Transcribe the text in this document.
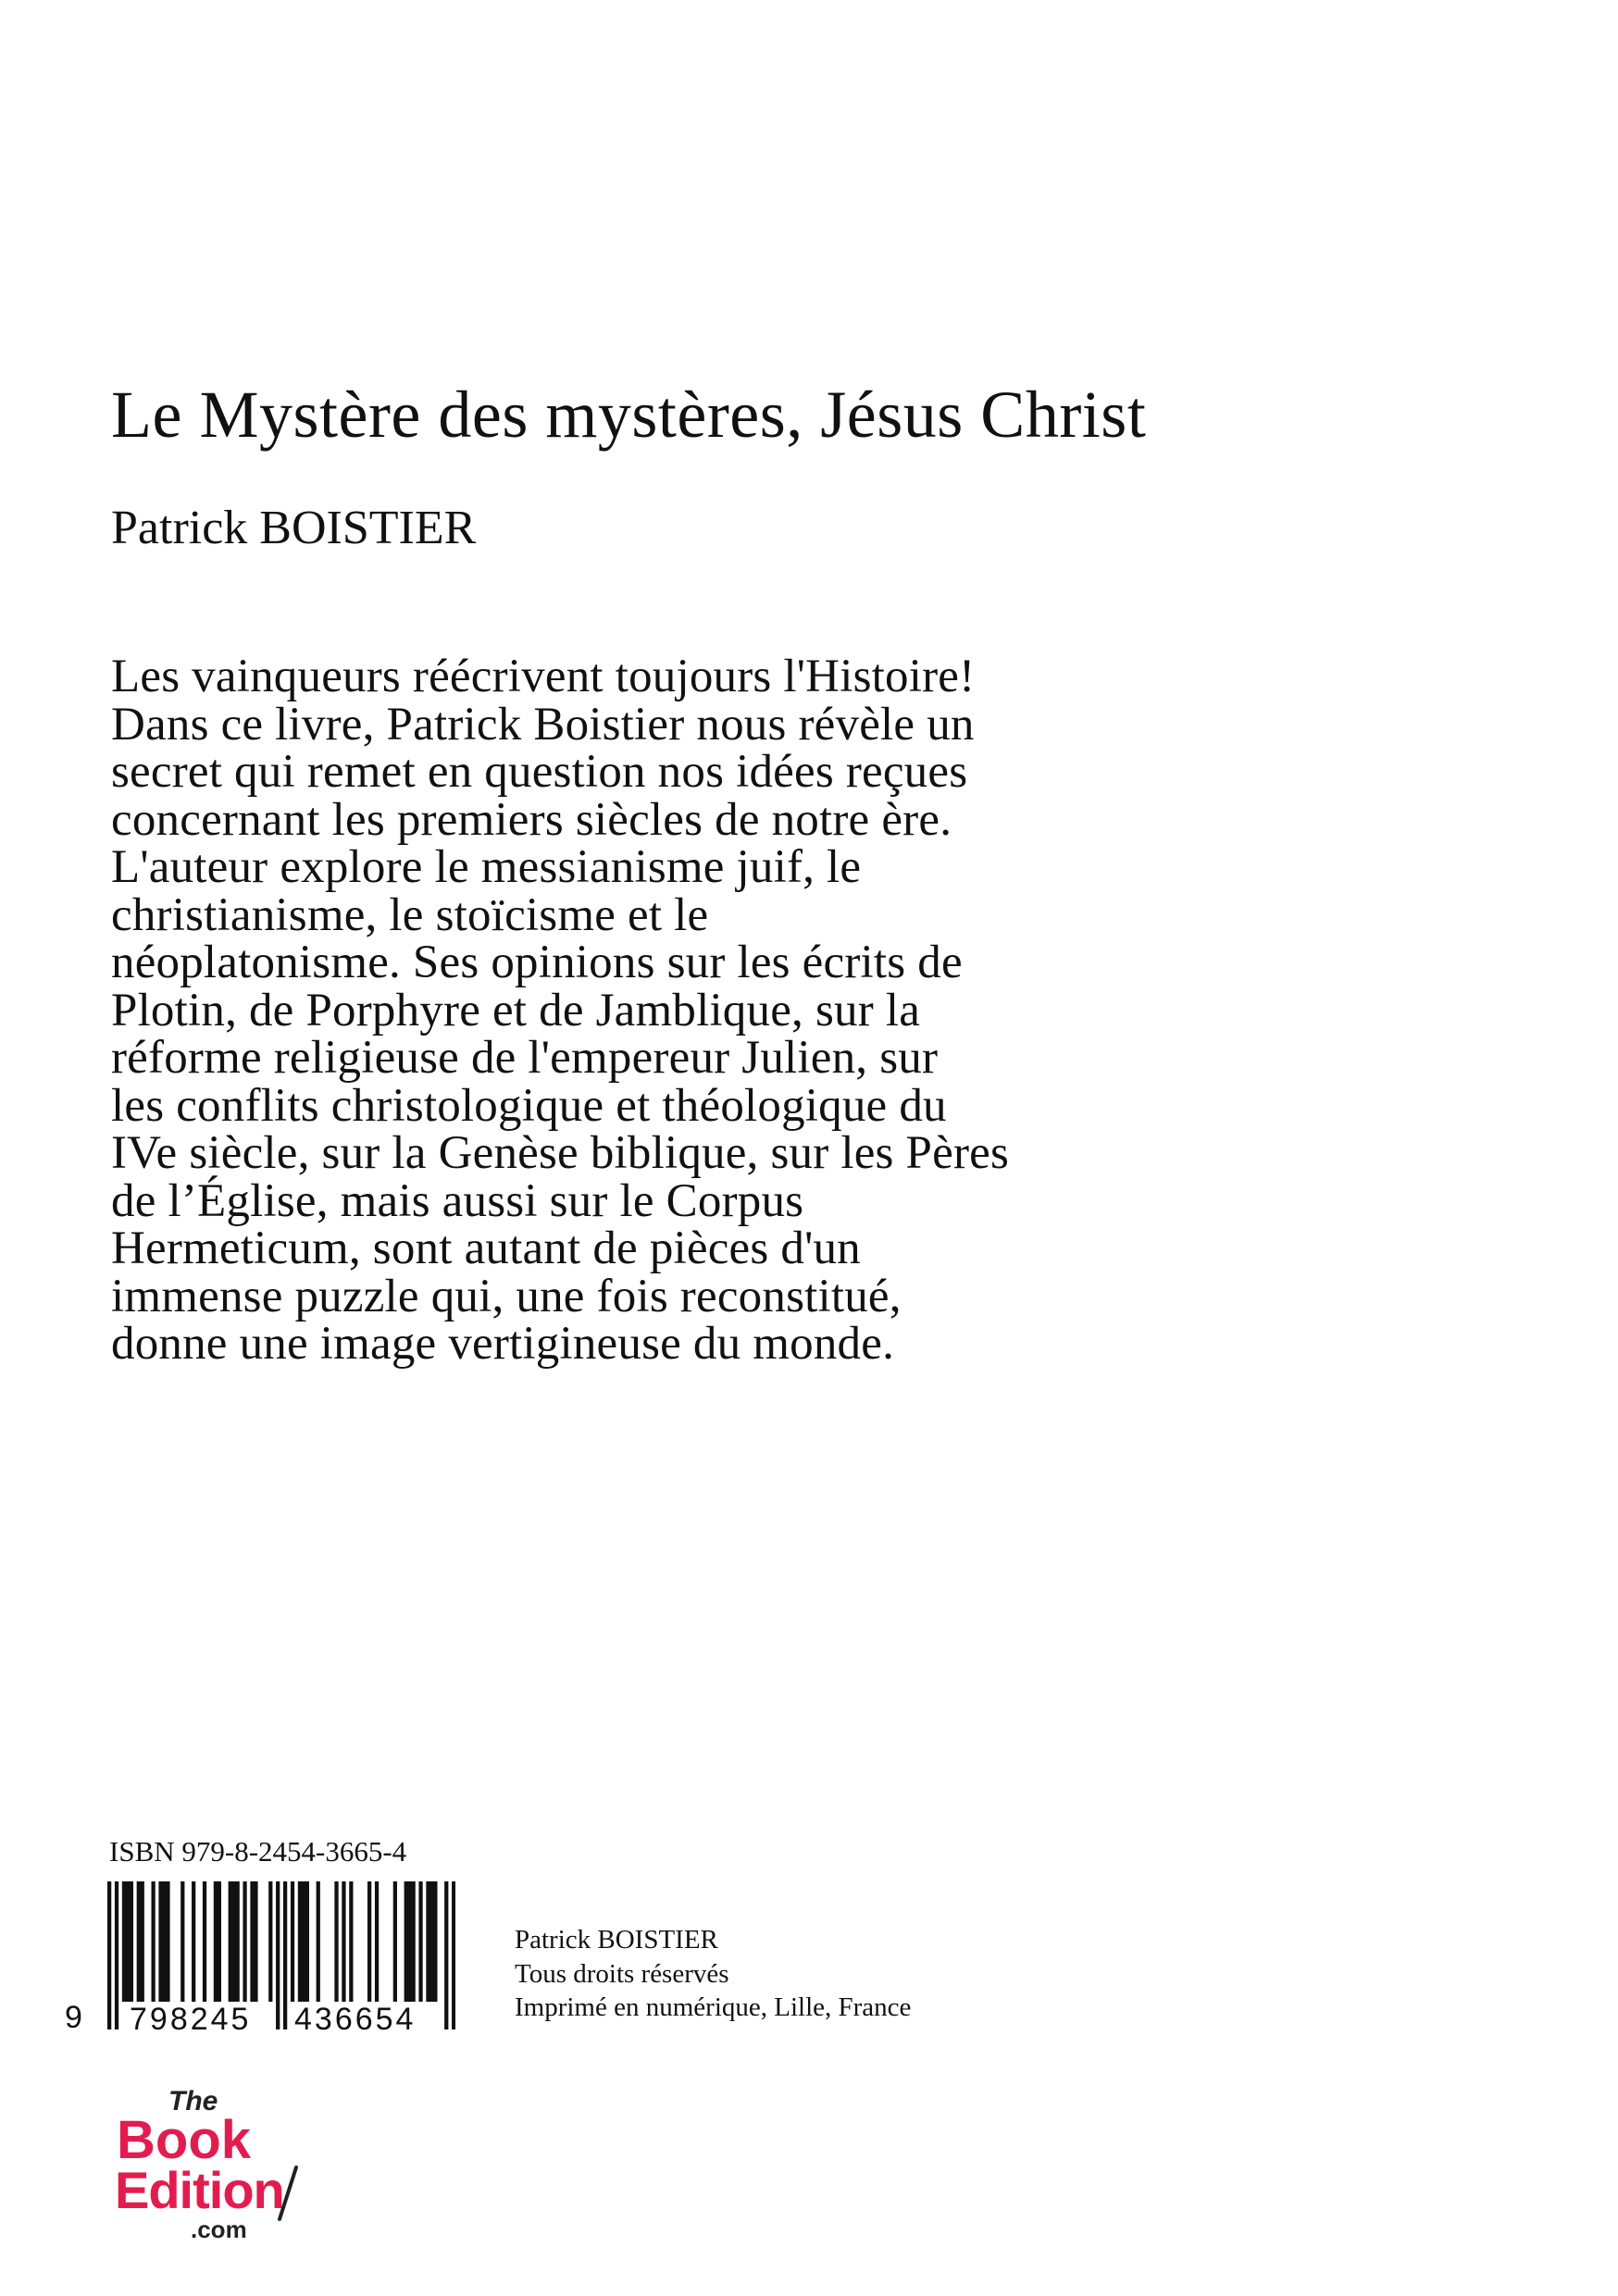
Le Mystère des mystères, Jésus Christ
Patrick BOISTIER
Les vainqueurs réécrivent toujours l'Histoire!
Dans ce livre, Patrick Boistier nous révèle un
secret qui remet en question nos idées reçues
concernant les premiers siècles de notre ère.
L'auteur explore le messianisme juif, le
christianisme, le stoïcisme et le
néoplatonisme. Ses opinions sur les écrits de
Plotin, de Porphyre et de Jamblique, sur la
réforme religieuse de l'empereur Julien, sur
les conflits christologique et théologique du
IVe siècle, sur la Genèse biblique, sur les Pères
de l’Église, mais aussi sur le Corpus
Hermeticum, sont autant de pièces d'un
immense puzzle qui, une fois reconstitué,
donne une image vertigineuse du monde.
ISBN 979-8-2454-3665-4
9 798245 436654
Patrick BOISTIER
Tous droits réservés
Imprimé en numérique, Lille, France
The
Book
Edition
.com
